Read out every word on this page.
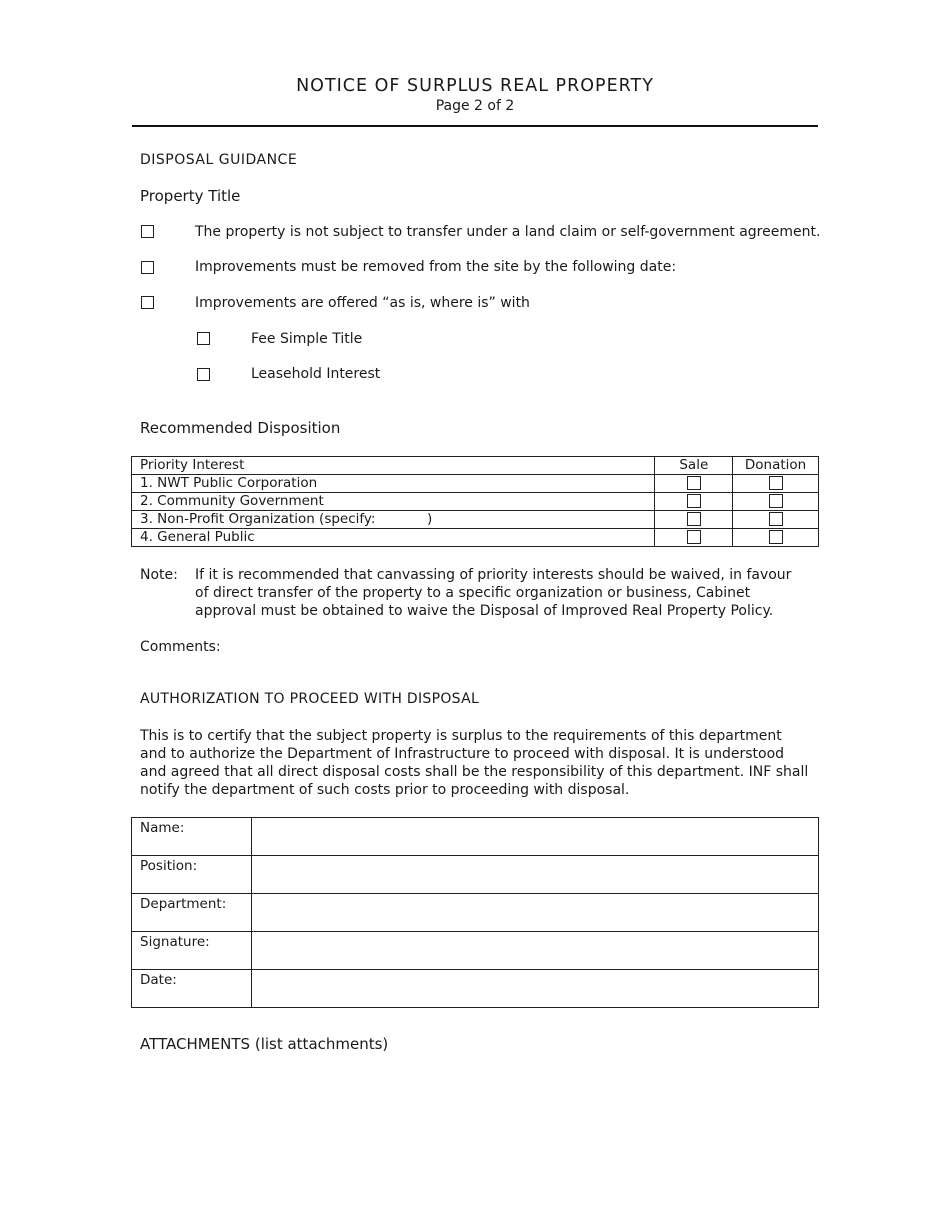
NOTICE OF SURPLUS REAL PROPERTY
Page 2 of 2
DISPOSAL GUIDANCE
Property Title
The property is not subject to transfer under a land claim or self-government agreement.
Improvements must be removed from the site by the following date:
Improvements are offered “as is, where is” with
Fee Simple Title
Leasehold Interest
Recommended Disposition
Priority Interest	Sale	Donation
1. NWT Public Corporation		
2. Community Government		
3. Non-Profit Organization (specify:            )		
4. General Public		
Note: If it is recommended that canvassing of priority interests should be waived, in favour of direct transfer of the property to a specific organization or business, Cabinet approval must be obtained to waive the Disposal of Improved Real Property Policy.
Comments:
AUTHORIZATION TO PROCEED WITH DISPOSAL
This is to certify that the subject property is surplus to the requirements of this department and to authorize the Department of Infrastructure to proceed with disposal. It is understood and agreed that all direct disposal costs shall be the responsibility of this department. INF shall notify the department of such costs prior to proceeding with disposal.
Name:	
Position:	
Department:	
Signature:	
Date:	
ATTACHMENTS (list attachments)
